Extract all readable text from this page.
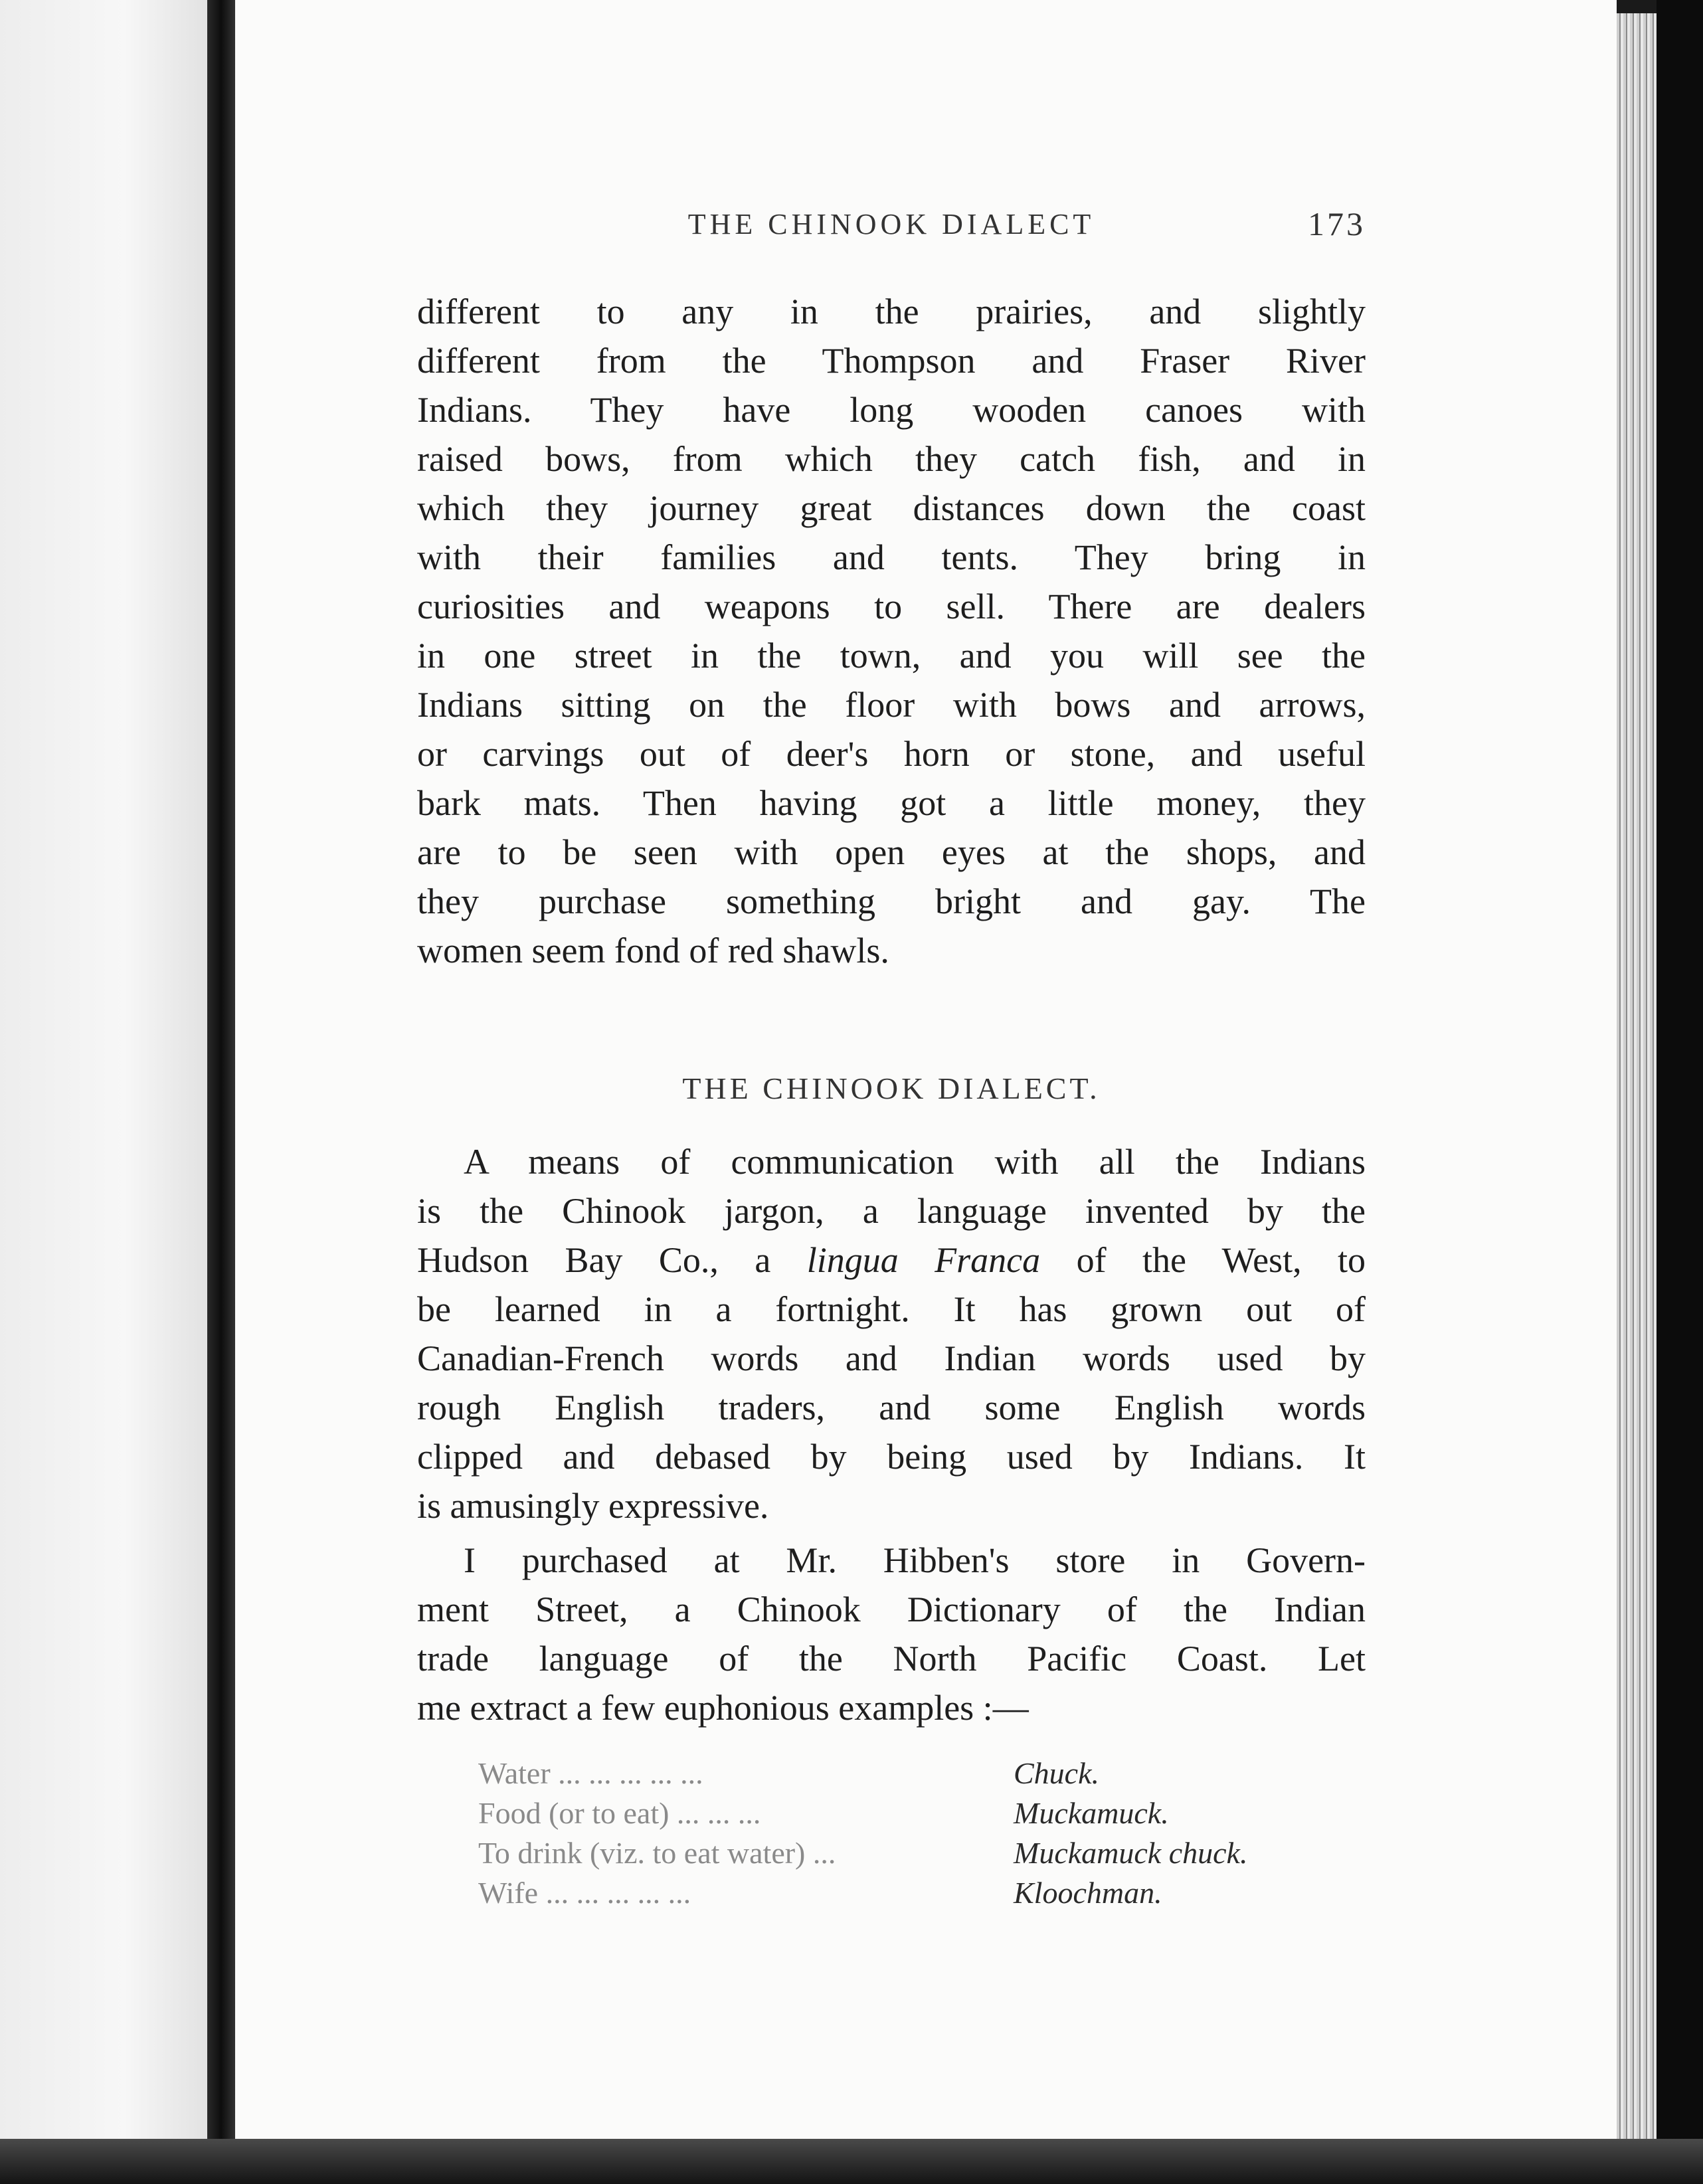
THE CHINOOK DIALECT	173
different to any in the prairies, and slightly
different from the Thompson and Fraser River
Indians. They have long wooden canoes with
raised bows, from which they catch fish, and in
which they journey great distances down the coast
with their families and tents. They bring in
curiosities and weapons to sell. There are dealers
in one street in the town, and you will see the
Indians sitting on the floor with bows and arrows,
or carvings out of deer's horn or stone, and useful
bark mats. Then having got a little money, they
are to be seen with open eyes at the shops, and
they purchase something bright and gay. The
women seem fond of red shawls.
THE CHINOOK DIALECT.
A means of communication with all the Indians
is the Chinook jargon, a language invented by the
Hudson Bay Co., a lingua Franca of the West, to
be learned in a fortnight. It has grown out of
Canadian-French words and Indian words used by
rough English traders, and some English words
clipped and debased by being used by Indians. It
is amusingly expressive.
I purchased at Mr. Hibben's store in Govern-
ment Street, a Chinook Dictionary of the Indian
trade language of the North Pacific Coast. Let
me extract a few euphonious examples :—
Water ... ... ... ... ...	Chuck.
Food (or to eat) ... ... ...	Muckamuck.
To drink (viz. to eat water) ...	Muckamuck chuck.
Wife ... ... ... ... ...	Kloochman.
